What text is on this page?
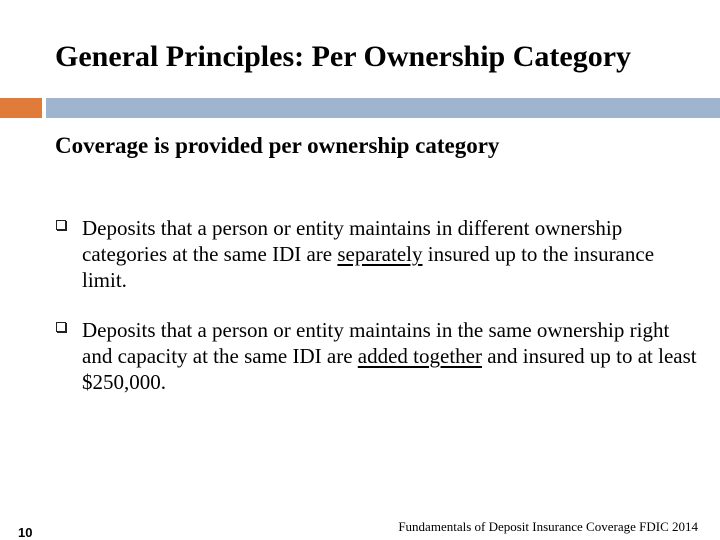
General Principles: Per Ownership Category
Coverage is provided per ownership category
Deposits that a person or entity maintains in different ownership categories at the same IDI are separately insured up to the insurance limit.
Deposits that a person or entity maintains in the same ownership right and capacity at the same IDI are added together and insured up to at least $250,000.
10	Fundamentals of Deposit Insurance Coverage FDIC 2014
